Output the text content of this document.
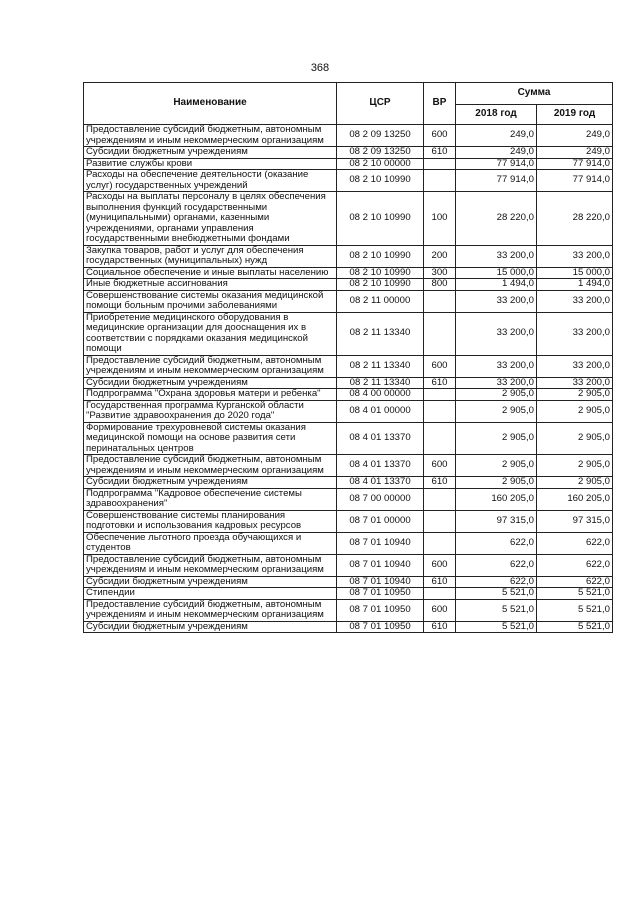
368
Наименование	ЦСР	ВР	Сумма	
			2018 год	2019 год
Предоставление субсидий бюджетным, автономным учреждениям и иным некоммерческим организациям	08 2 09 13250	600	249,0	249,0
Субсидии бюджетным учреждениям	08 2 09 13250	610	249,0	249,0
Развитие службы крови	08 2 10 00000		77 914,0	77 914,0
Расходы на обеспечение деятельности (оказание услуг) государственных учреждений	08 2 10 10990		77 914,0	77 914,0
Расходы на выплаты персоналу в целях обеспечения выполнения функций государственными (муниципальными) органами, казенными учреждениями, органами управления государственными внебюджетными фондами	08 2 10 10990	100	28 220,0	28 220,0
Закупка товаров, работ и услуг для обеспечения государственных (муниципальных) нужд	08 2 10 10990	200	33 200,0	33 200,0
Социальное обеспечение и иные выплаты населению	08 2 10 10990	300	15 000,0	15 000,0
Иные бюджетные ассигнования	08 2 10 10990	800	1 494,0	1 494,0
Совершенствование системы оказания медицинской помощи больным прочими заболеваниями	08 2 11 00000		33 200,0	33 200,0
Приобретение медицинского оборудования в медицинские организации для дооснащения их в соответствии с порядками оказания медицинской помощи	08 2 11 13340		33 200,0	33 200,0
Предоставление субсидий бюджетным, автономным учреждениям и иным некоммерческим организациям	08 2 11 13340	600	33 200,0	33 200,0
Субсидии бюджетным учреждениям	08 2 11 13340	610	33 200,0	33 200,0
Подпрограмма "Охрана здоровья матери и ребенка"	08 4 00 00000		2 905,0	2 905,0
Государственная программа Курганской области "Развитие здравоохранения до 2020 года"	08 4 01 00000		2 905,0	2 905,0
Формирование трехуровневой системы оказания медицинской помощи на основе развития сети перинатальных центров	08 4 01 13370		2 905,0	2 905,0
Предоставление субсидий бюджетным, автономным учреждениям и иным некоммерческим организациям	08 4 01 13370	600	2 905,0	2 905,0
Субсидии бюджетным учреждениям	08 4 01 13370	610	2 905,0	2 905,0
Подпрограмма "Кадровое обеспечение системы здравоохранения"	08 7 00 00000		160 205,0	160 205,0
Совершенствование системы планирования подготовки и использования кадровых ресурсов	08 7 01 00000		97 315,0	97 315,0
Обеспечение льготного проезда обучающихся и студентов	08 7 01 10940		622,0	622,0
Предоставление субсидий бюджетным, автономным учреждениям и иным некоммерческим организациям	08 7 01 10940	600	622,0	622,0
Субсидии бюджетным учреждениям	08 7 01 10940	610	622,0	622,0
Стипендии	08 7 01 10950		5 521,0	5 521,0
Предоставление субсидий бюджетным, автономным учреждениям и иным некоммерческим организациям	08 7 01 10950	600	5 521,0	5 521,0
Субсидии бюджетным учреждениям	08 7 01 10950	610	5 521,0	5 521,0
